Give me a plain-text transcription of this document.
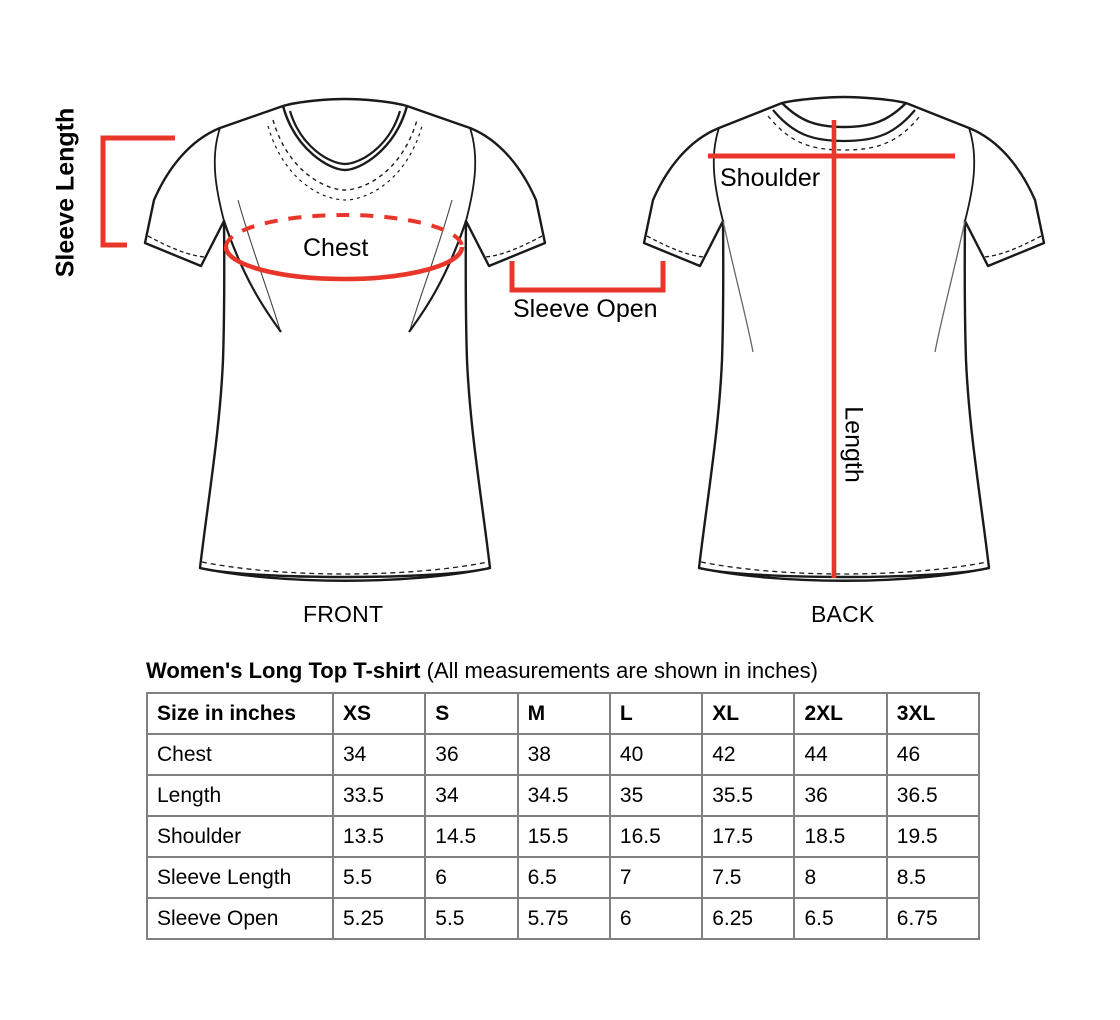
FRONT	BACK
Chest
Sleeve Open
Shoulder
Sleeve Length
Length
Women's Long Top T-shirt (All measurements are shown in inches)
Size in inches	XS	S	M	L	XL	2XL	3XL
Chest	34	36	38	40	42	44	46
Length	33.5	34	34.5	35	35.5	36	36.5
Shoulder	13.5	14.5	15.5	16.5	17.5	18.5	19.5
Sleeve Length	5.5	6	6.5	7	7.5	8	8.5
Sleeve Open	5.25	5.5	5.75	6	6.25	6.5	6.75
